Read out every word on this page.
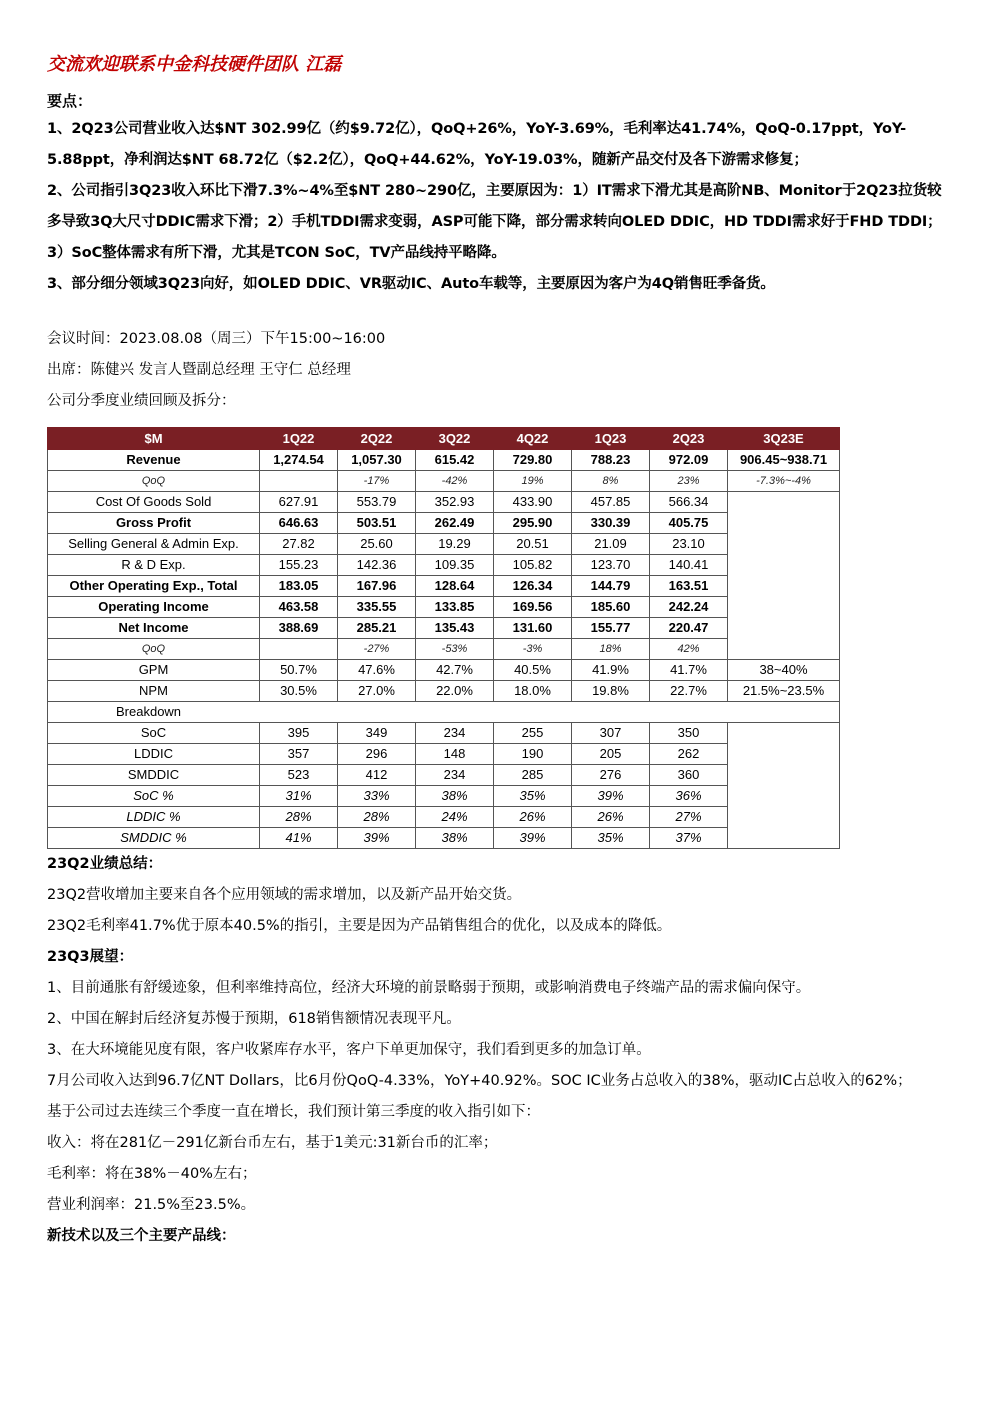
交流欢迎联系中金科技硬件团队 江磊

要点：

1、2Q23公司营业收入达$NT 302.99亿（约$9.72亿），QoQ+26%，YoY-3.69%，毛利率达41.74%，QoQ-0.17ppt，YoY-5.88ppt，净利润达$NT 68.72亿（$2.2亿），QoQ+44.62%，YoY-19.03%，随新产品交付及各下游需求修复；

2、公司指引3Q23收入环比下滑7.3%~4%至$NT 280~290亿，主要原因为：1）IT需求下滑尤其是高阶NB、Monitor于2Q23拉货较多导致3Q大尺寸DDIC需求下滑；2）手机TDDI需求变弱，ASP可能下降，部分需求转向OLED DDIC，HD TDDI需求好于FHD TDDI；3）SoC整体需求有所下滑，尤其是TCON SoC，TV产品线持平略降。

3、部分细分领域3Q23向好，如OLED DDIC、VR驱动IC、Auto车载等，主要原因为客户为4Q销售旺季备货。

会议时间：2023.08.08（周三）下午15:00~16:00

出席：陈健兴 发言人暨副总经理 王守仁 总经理

公司分季度业绩回顾及拆分：

$M	1Q22	2Q22	3Q22	4Q22	1Q23	2Q23	3Q23E
Revenue	1,274.54	1,057.30	615.42	729.80	788.23	972.09	906.45~938.71
QoQ		-17%	-42%	19%	8%	23%	-7.3%~-4%
Cost Of Goods Sold	627.91	553.79	352.93	433.90	457.85	566.34	
Gross Profit	646.63	503.51	262.49	295.90	330.39	405.75	
Selling General & Admin Exp.	27.82	25.60	19.29	20.51	21.09	23.10	
R & D Exp.	155.23	142.36	109.35	105.82	123.70	140.41	
Other Operating Exp., Total	183.05	167.96	128.64	126.34	144.79	163.51	
Operating Income	463.58	335.55	133.85	169.56	185.60	242.24	
Net Income	388.69	285.21	135.43	131.60	155.77	220.47	
QoQ		-27%	-53%	-3%	18%	42%	
GPM	50.7%	47.6%	42.7%	40.5%	41.9%	41.7%	38~40%
NPM	30.5%	27.0%	22.0%	18.0%	19.8%	22.7%	21.5%~23.5%
Breakdown							
SoC	395	349	234	255	307	350	
LDDIC	357	296	148	190	205	262	
SMDDIC	523	412	234	285	276	360	
SoC %	31%	33%	38%	35%	39%	36%	
LDDIC %	28%	28%	24%	26%	26%	27%	
SMDDIC %	41%	39%	38%	39%	35%	37%	

23Q2业绩总结：

23Q2营收增加主要来自各个应用领域的需求增加，以及新产品开始交货。

23Q2毛利率41.7%优于原本40.5%的指引，主要是因为产品销售组合的优化，以及成本的降低。

23Q3展望：

1、目前通胀有舒缓迹象，但利率维持高位，经济大环境的前景略弱于预期，或影响消费电子终端产品的需求偏向保守。

2、中国在解封后经济复苏慢于预期，618销售额情况表现平凡。

3、在大环境能见度有限，客户收紧库存水平，客户下单更加保守，我们看到更多的加急订单。

7月公司收入达到96.7亿NT Dollars，比6月份QoQ-4.33%，YoY+40.92%。SOC IC业务占总收入的38%，驱动IC占总收入的62%；

基于公司过去连续三个季度一直在增长，我们预计第三季度的收入指引如下：

收入：将在281亿－291亿新台币左右，基于1美元:31新台币的汇率；

毛利率：将在38%－40%左右；

营业利润率：21.5%至23.5%。

新技术以及三个主要产品线：
